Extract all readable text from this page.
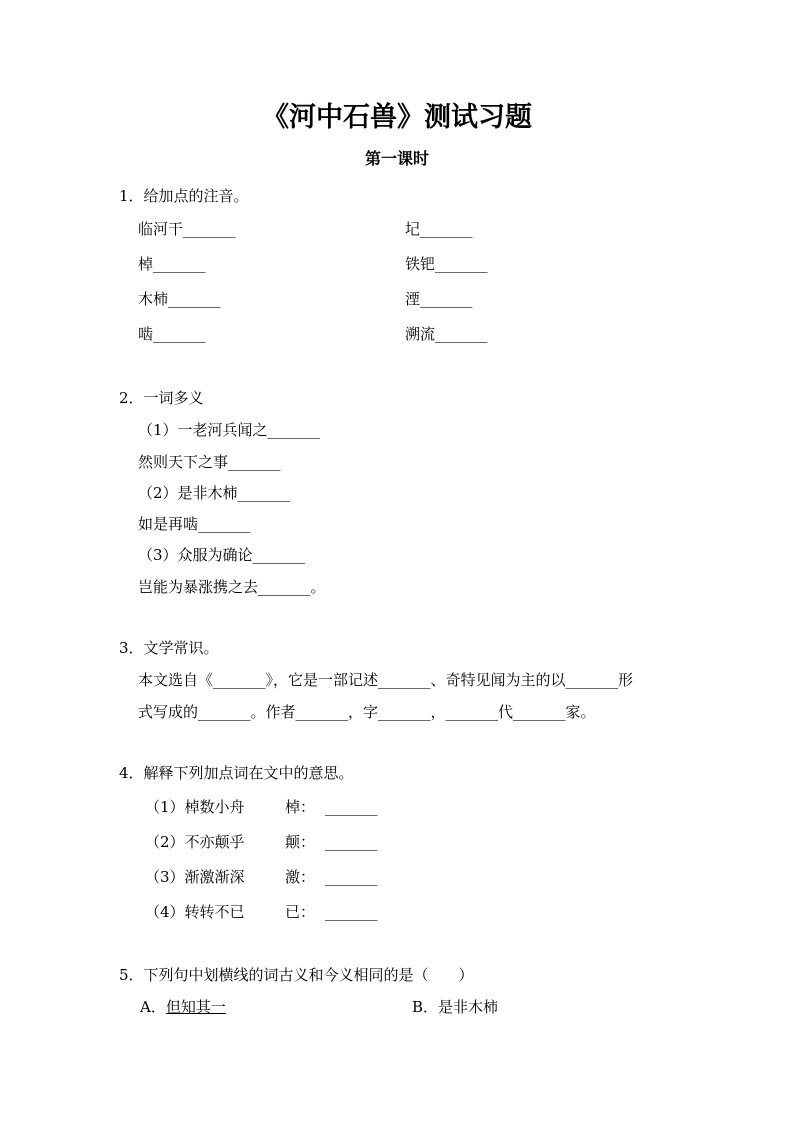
《河中石兽》测试习题
第一课时
1．给加点的注音。
临河干_______	圮_______
棹_______	铁钯_______
木柿_______	湮_______
啮_______	溯流_______
2．一词多义
（1）一老河兵闻之_______
然则天下之事_______
（2）是非木柿_______
如是再啮_______
（3）众服为确论_______
岂能为暴涨携之去_______。
3．文学常识。
本文选自《_______》，它是一部记述_______、奇特见闻为主的以_______形
式写成的_______。作者_______，字_______，_______代_______家。
4．解释下列加点词在文中的意思。
（1）棹数小舟	棹： _______
（2）不亦颠乎	颠： _______
（3）渐激渐深	激： _______
（4）转转不已	已： _______
5．下列句中划横线的词古义和今义相同的是（　　）
A．但知其一	B．是非木柿
